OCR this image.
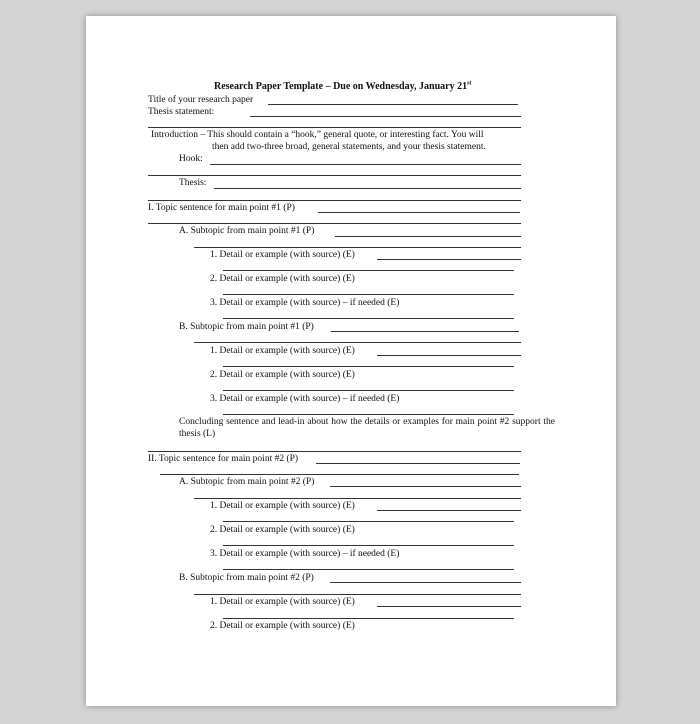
Research Paper Template – Due on Wednesday, January 21st
Title of your research paper
Thesis statement:
Introduction – This should contain a “hook,” general quote, or interesting fact. You will
then add two-three broad, general statements, and your thesis statement.
Hook:
Thesis:
I. Topic sentence for main point #1 (P)
A. Subtopic from main point #1 (P)
1. Detail or example (with source) (E)
2. Detail or example (with source) (E)
3. Detail or example (with source) – if needed (E)
B. Subtopic from main point #1 (P)
1. Detail or example (with source) (E)
2. Detail or example (with source) (E)
3. Detail or example (with source) – if needed (E)
Concluding sentence and lead-in about how the details or examples for main point #2 support the thesis (L)
II. Topic sentence for main point #2 (P)
A. Subtopic from main point #2 (P)
1. Detail or example (with source) (E)
2. Detail or example (with source) (E)
3. Detail or example (with source) – if needed (E)
B. Subtopic from main point #2 (P)
1. Detail or example (with source) (E)
2. Detail or example (with source) (E)
